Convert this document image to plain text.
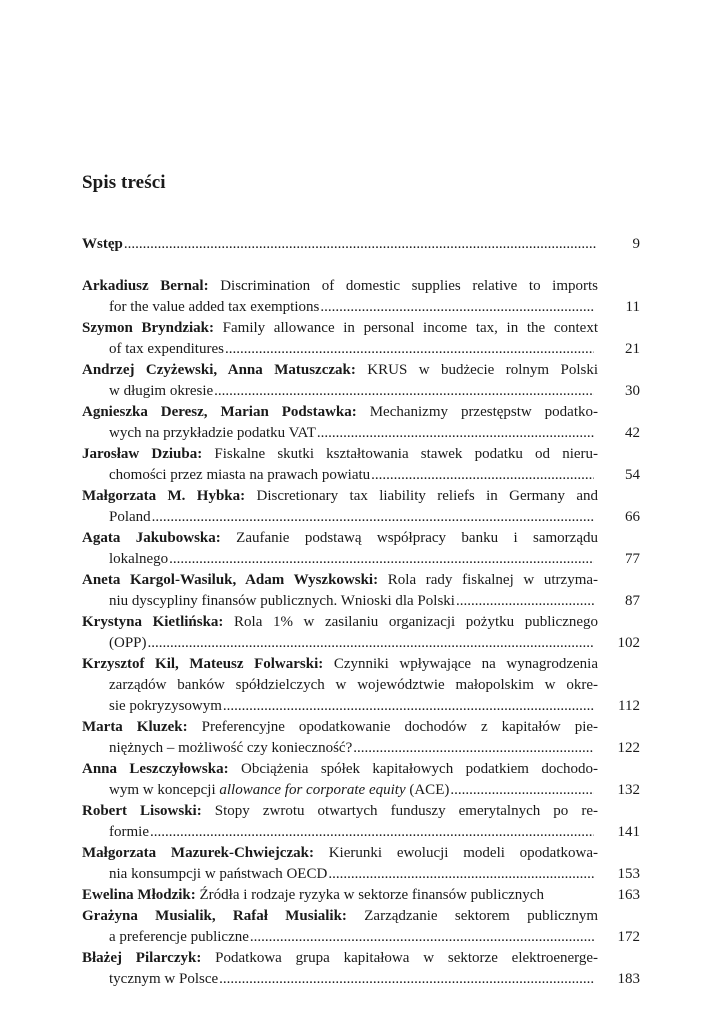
Spis treści
Wstęp .....	9
Arkadiusz Bernal: Discrimination of domestic supplies relative to imports
for the value added tax exemptions .....	11
Szymon Bryndziak: Family allowance in personal income tax, in the context
of tax expenditures .....	21
Andrzej Czyżewski, Anna Matuszczak: KRUS w budżecie rolnym Polski
w długim okresie .....	30
Agnieszka Deresz, Marian Podstawka: Mechanizmy przestępstw podatko-
wych na przykładzie podatku VAT .....	42
Jarosław Dziuba: Fiskalne skutki kształtowania stawek podatku od nieru-
chomości przez miasta na prawach powiatu .....	54
Małgorzata M. Hybka: Discretionary tax liability reliefs in Germany and
Poland .....	66
Agata Jakubowska: Zaufanie podstawą współpracy banku i samorządu
lokalnego .....	77
Aneta Kargol-Wasiluk, Adam Wyszkowski: Rola rady fiskalnej w utrzyma-
niu dyscypliny finansów publicznych. Wnioski dla Polski .....	87
Krystyna Kietlińska: Rola 1% w zasilaniu organizacji pożytku publicznego
(OPP) .....	102
Krzysztof Kil, Mateusz Folwarski: Czynniki wpływające na wynagrodzenia
zarządów banków spółdzielczych w województwie małopolskim w okre-
sie pokryzysowym .....	112
Marta Kluzek: Preferencyjne opodatkowanie dochodów z kapitałów pie-
niężnych – możliwość czy konieczność? .....	122
Anna Leszczyłowska: Obciążenia spółek kapitałowych podatkiem dochodo-
wym w koncepcji allowance for corporate equity (ACE) .....	132
Robert Lisowski: Stopy zwrotu otwartych funduszy emerytalnych po re-
formie .....	141
Małgorzata Mazurek-Chwiejczak: Kierunki ewolucji modeli opodatkowa-
nia konsumpcji w państwach OECD .....	153
Ewelina Młodzik: Źródła i rodzaje ryzyka w sektorze finansów publicznych	163
Grażyna Musialik, Rafał Musialik: Zarządzanie sektorem publicznym
a preferencje publiczne .....	172
Błażej Pilarczyk: Podatkowa grupa kapitałowa w sektorze elektroenerge-
tycznym w Polsce .....	183
